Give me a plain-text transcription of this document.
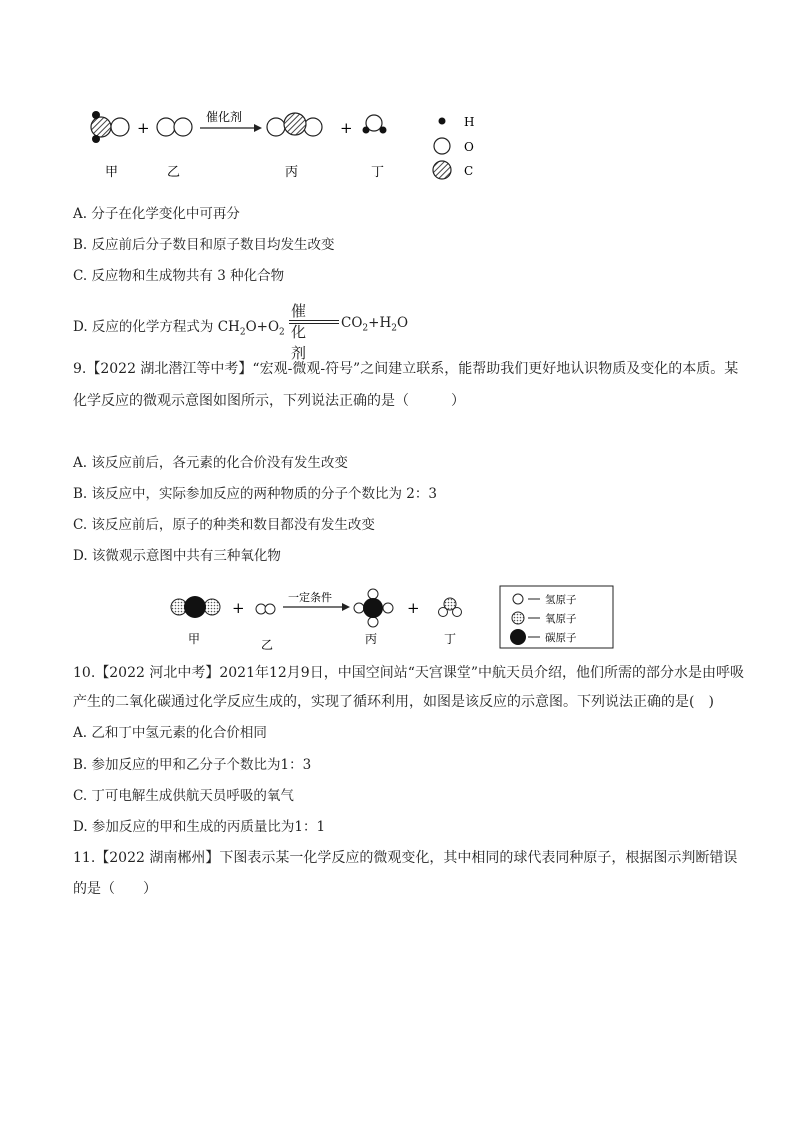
+
催化剂
+
甲	乙	丙	丁
H
O
C
A. 分子在化学变化中可再分
B. 反应前后分子数目和原子数目均发生改变
C. 反应物和生成物共有 3 种化合物
D. 反应的化学方程式为 $CH_2O+O_2$
催化剂
$CO_2+H_2O$
9.【2022 湖北潜江等中考】“宏观-微观-符号”之间建立联系，能帮助我们更好地认识物质及变化的本质。某
化学反应的微观示意图如图所示，下列说法正确的是（　　　）
A. 该反应前后，各元素的化合价没有发生改变
B. 该反应中，实际参加反应的两种物质的分子个数比为 2：3
C. 该反应前后，原子的种类和数目都没有发生改变
D. 该微观示意图中共有三种氧化物
+
一定条件
+
甲	乙	丙	丁
氢原子
氧原子
碳原子
10.【2022 河北中考】2021年12月9日，中国空间站“天宫课堂”中航天员介绍，他们所需的部分水是由呼吸
产生的二氧化碳通过化学反应生成的，实现了循环利用，如图是该反应的示意图。下列说法正确的是(　)
A. 乙和丁中氢元素的化合价相同
B. 参加反应的甲和乙分子个数比为1：3
C. 丁可电解生成供航天员呼吸的氧气
D. 参加反应的甲和生成的丙质量比为1：1
11.【2022 湖南郴州】下图表示某一化学反应的微观变化，其中相同的球代表同种原子，根据图示判断错误
的是（　　）
